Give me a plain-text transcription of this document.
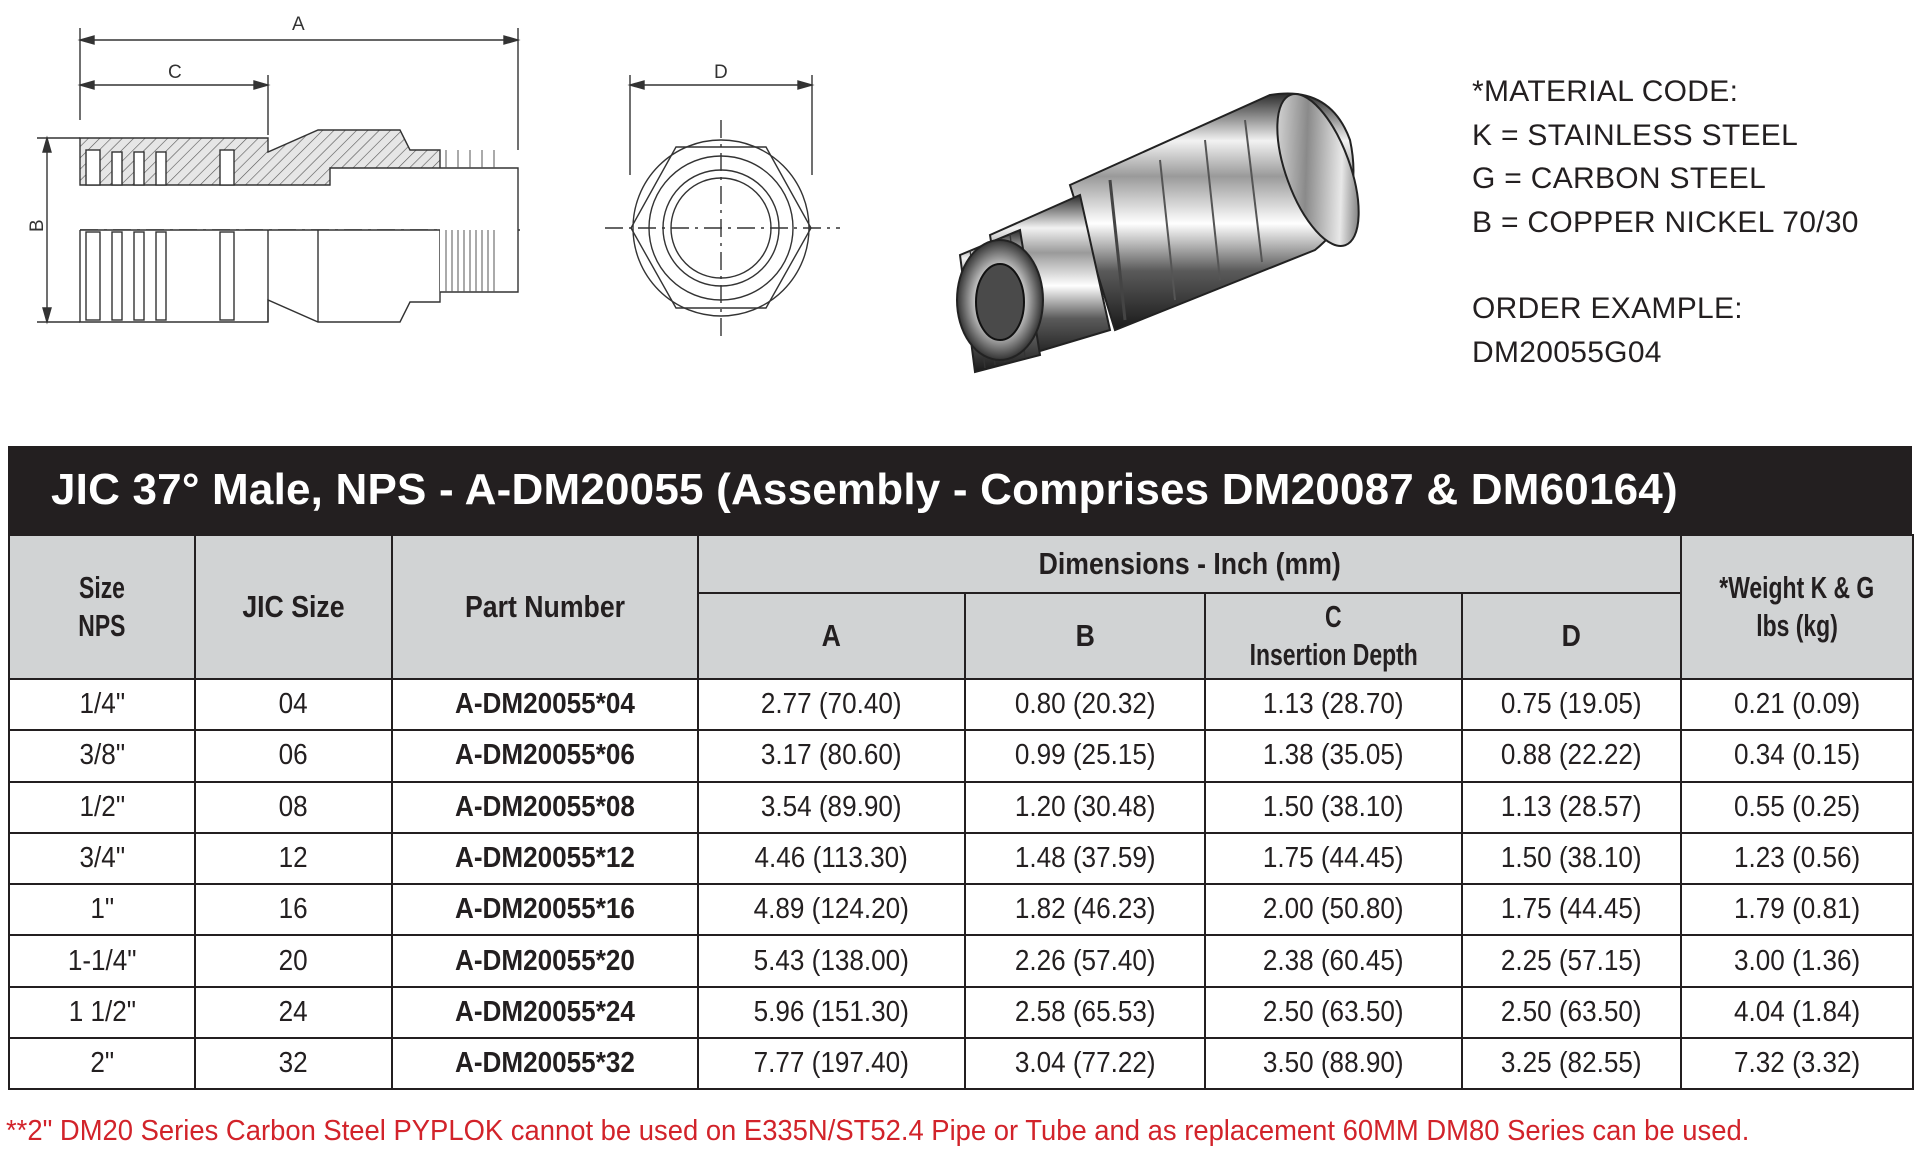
A
C
B
D
*MATERIAL CODE:
K = STAINLESS STEEL
G = CARBON STEEL
B = COPPER NICKEL 70/30
ORDER EXAMPLE:
DM20055G04
JIC 37° Male, NPS - A-DM20055 (Assembly - Comprises DM20087 & DM60164)
Size
NPS	JIC Size	Part Number	Dimensions - Inch (mm)				*Weight K & G
lbs (kg)
			A	B	C
Insertion Depth	D	
1/4"	04	A-DM20055*04	2.77 (70.40)	0.80 (20.32)	1.13 (28.70)	0.75 (19.05)	0.21 (0.09)
3/8"	06	A-DM20055*06	3.17 (80.60)	0.99 (25.15)	1.38 (35.05)	0.88 (22.22)	0.34 (0.15)
1/2"	08	A-DM20055*08	3.54 (89.90)	1.20 (30.48)	1.50 (38.10)	1.13 (28.57)	0.55 (0.25)
3/4"	12	A-DM20055*12	4.46 (113.30)	1.48 (37.59)	1.75 (44.45)	1.50 (38.10)	1.23 (0.56)
1"	16	A-DM20055*16	4.89 (124.20)	1.82 (46.23)	2.00 (50.80)	1.75 (44.45)	1.79 (0.81)
1-1/4"	20	A-DM20055*20	5.43 (138.00)	2.26 (57.40)	2.38 (60.45)	2.25 (57.15)	3.00 (1.36)
1 1/2"	24	A-DM20055*24	5.96 (151.30)	2.58 (65.53)	2.50 (63.50)	2.50 (63.50)	4.04 (1.84)
2"	32	A-DM20055*32	7.77 (197.40)	3.04 (77.22)	3.50 (88.90)	3.25 (82.55)	7.32 (3.32)
**2" DM20 Series Carbon Steel PYPLOK cannot be used on E335N/ST52.4 Pipe or Tube and as replacement 60MM DM80 Series can be used.
